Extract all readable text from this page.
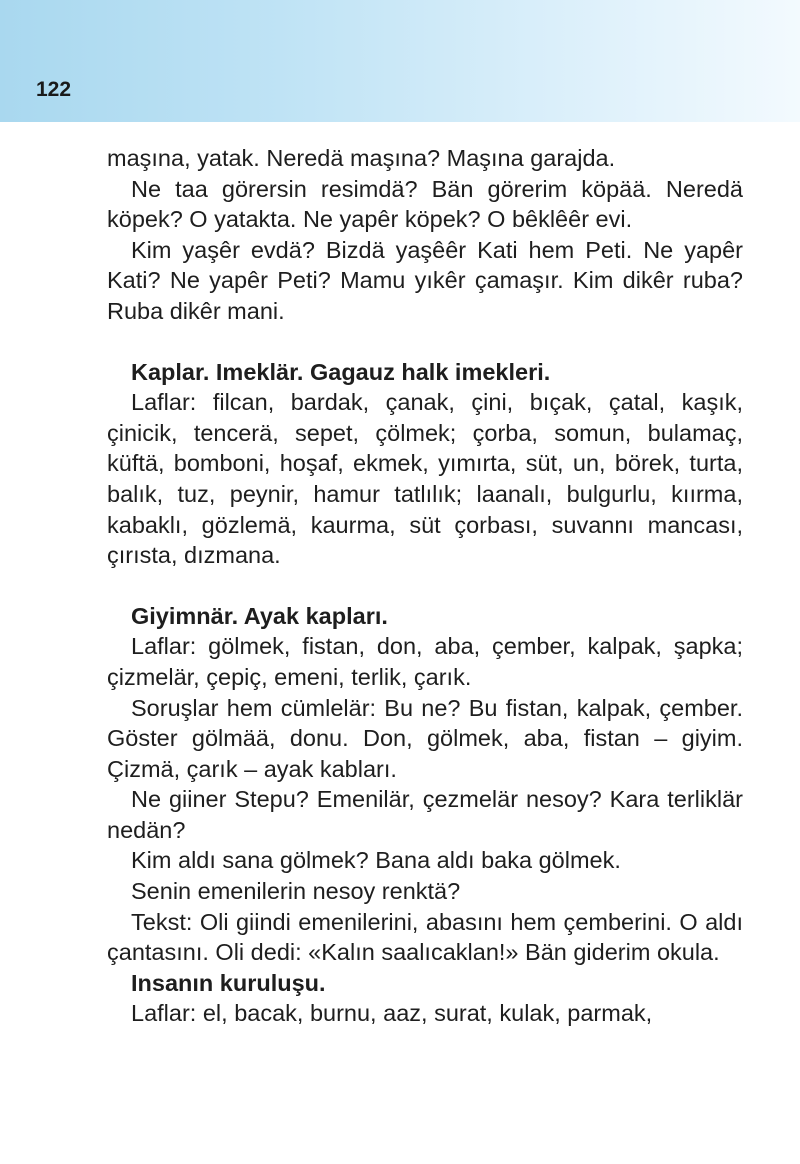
122

maşına, yatak. Neredä maşına? Maşına garajda.

Ne taa görersin resimdä? Bän görerim köpää. Neredä köpek? O yatakta. Ne yapêr köpek? O bêklêêr evi.

Kim yaşêr evdä? Bizdä yaşêêr Kati hem Peti. Ne yapêr Kati? Ne yapêr Peti? Mamu yıkêr çamaşır. Kim dikêr ruba? Ruba dikêr mani.

Kaplar. Imeklär. Gagauz halk imekleri.

Laflar: filcan, bardak, çanak, çini, bıçak, çatal, kaşık, çinicik, tencerä, sepet, çölmek; çorba, somun, bulamaç, küftä, bomboni, hoşaf, ekmek, yımırta, süt, un, börek, turta, balık, tuz, peynir, hamur tatlılık; laanalı, bulgurlu, kıırma, kabaklı, gözlemä, kaurma, süt çorbası, suvannı mancası, çırısta, dızmana.

Giyimnär. Ayak kapları.

Laflar: gölmek, fistan, don, aba, çember, kalpak, şapka; çizmelär, çepiç, emeni, terlik, çarık.

Soruşlar hem cümlelär: Bu ne? Bu fistan, kalpak, çember. Göster gölmää, donu. Don, gölmek, aba, fistan – giyim. Çizmä, çarık – ayak kabları.

Ne giiner Stepu? Emenilär, çezmelär nesoy? Kara terliklär nedän?

Kim aldı sana gölmek? Bana aldı baka gölmek.

Senin emenilerin nesoy renktä?

Tekst: Oli giindi emenilerini, abasını hem çemberini. O aldı çantasını. Oli dedi: «Kalın saalıcaklan!» Bän giderim okula.

Insanın kuruluşu.

Laflar: el, bacak, burnu, aaz, surat, kulak, parmak,
